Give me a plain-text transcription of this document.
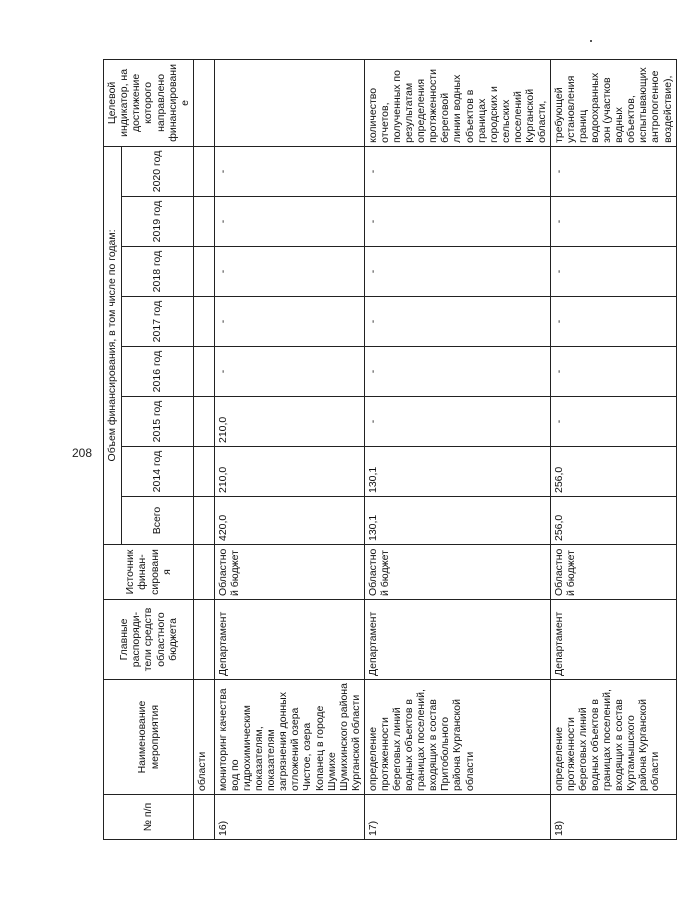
208
№ п/п	Наименование мероприятия	Главные распоряди-тели средств областного бюджета	Источник финан-сирования	Объем финансирования, в том числе по годам:								Целевой индикатор, на достижение которого направлено финансирование
				Всего	2014 год	2015 год	2016 год	2017 год	2018 год	2019 год	2020 год	
	области											
16)	мониторинг качества вод по гидрохимическим показателям, показателям загрязнения донных отложений озера Чистое, озера Копанец в городе Шумихе Шумихинского района Курганской области	Департамент	Областной бюджет	420,0	210,0	210,0	-	-	-	-	-	
17)	определение протяженности береговых линий водных объектов в границах поселений, входящих в состав Притобольного района Курганской области	Департамент	Областной бюджет	130,1	130,1	-	-	-	-	-	-	количество отчетов, полученных по результатам определения протяженности береговой линии водных объектов в границах городских и сельских поселений Курганской области,
18)	определение протяженности береговых линий водных объектов в границах поселений, входящих в состав Куртамышского района Курганской области	Департамент	Областной бюджет	256,0	256,0	-	-	-	-	-	-	требующей установления границ водоохранных зон (участков водных объектов, испытывающих антропогенное воздействие),
